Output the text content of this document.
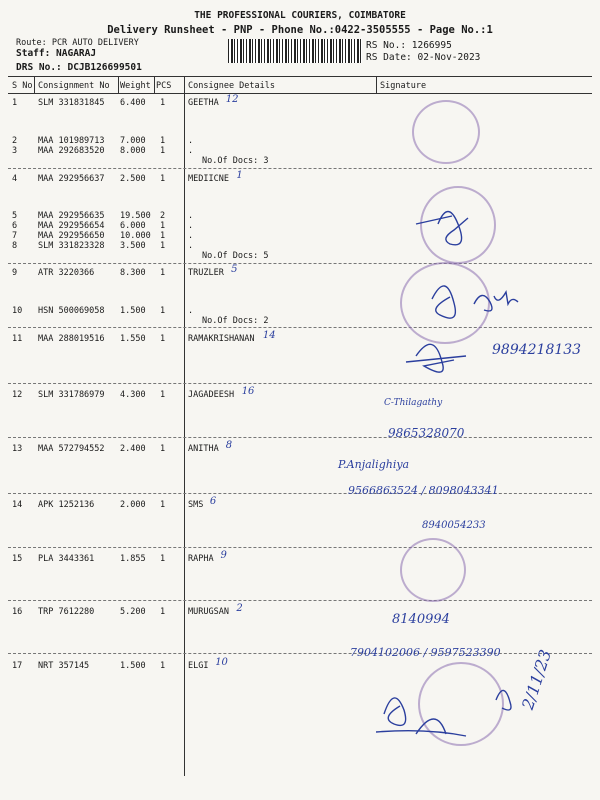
THE PROFESSIONAL COURIERS, COIMBATORE
Delivery Runsheet - PNP - Phone No.:0422-3505555 - Page No.:1
Route: PCR AUTO DELIVERY
Staff: NAGARAJ
DRS No.: DCJB126699501
RS No.: 1266995
RS Date: 02-Nov-2023
S No Consignment No Weight PCS Consignee Details	Signature
1 SLM 331831845 6.400 1	GEETHA 12
2 MAA 101989713 7.000 1	.
3 MAA 292683520 8.000 1	.
4 MAA 292956637 2.500 1	MEDIICNE 1
5 MAA 292956635 19.500 2	.
6 MAA 292956654 6.000 1	.
7 MAA 292956650 10.000 1	.
8 SLM 331823328 3.500 1	.
9 ATR 3220366	8.300 1	TRUZLER 5
10 HSN 500069058 1.500 1	.
11 MAA 288019516 1.550 1	RAMAKRISHANAN 14
12 SLM 331786979 4.300 1	JAGADEESH 16
13 MAA 572794552 2.400 1	ANITHA 8
14 APK 1252136	2.000 1	SMS 6
15 PLA 3443361	1.855 1	RAPHA 9
16 TRP 7612280	5.200 1	MURUGSAN 2
17 NRT 357145	1.500 1	ELGI 10
No.Of Docs: 3
No.Of Docs: 5
No.Of Docs: 2
9894218133
C-Thilagathy
9865328070
P.Anjalighiya
9566863524 / 8098043341
8940054233
8140994
7904102006 / 9597523390 2/11/23
